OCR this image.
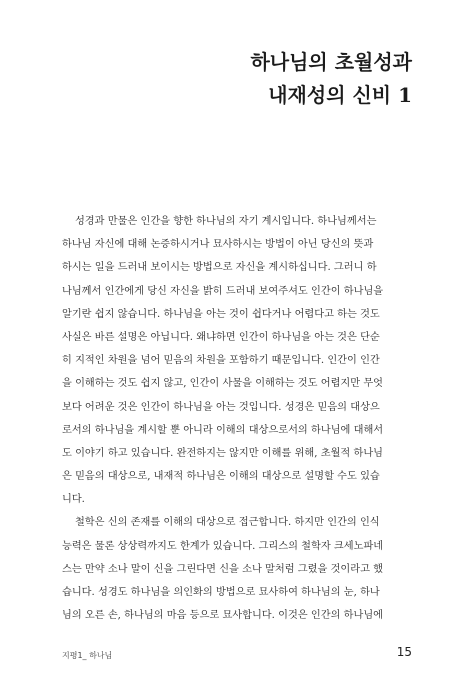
하나님의 초월성과
내재성의 신비 1
성경과 만물은 인간을 향한 하나님의 자기 계시입니다. 하나님께서는
하나님 자신에 대해 논증하시거나 묘사하시는 방법이 아닌 당신의 뜻과
하시는 일을 드러내 보이시는 방법으로 자신을 계시하십니다. 그러니 하
나님께서 인간에게 당신 자신을 밝히 드러내 보여주셔도 인간이 하나님을
알기란 쉽지 않습니다. 하나님을 아는 것이 쉽다거나 어렵다고 하는 것도
사실은 바른 설명은 아닙니다. 왜냐하면 인간이 하나님을 아는 것은 단순
히 지적인 차원을 넘어 믿음의 차원을 포함하기 때문입니다. 인간이 인간
을 이해하는 것도 쉽지 않고, 인간이 사물을 이해하는 것도 어렵지만 무엇
보다 어려운 것은 인간이 하나님을 아는 것입니다. 성경은 믿음의 대상으
로서의 하나님을 계시할 뿐 아니라 이해의 대상으로서의 하나님에 대해서
도 이야기 하고 있습니다. 완전하지는 않지만 이해를 위해, 초월적 하나님
은 믿음의 대상으로, 내재적 하나님은 이해의 대상으로 설명할 수도 있습
니다.
철학은 신의 존재를 이해의 대상으로 접근합니다. 하지만 인간의 인식
능력은 물론 상상력까지도 한계가 있습니다. 그리스의 철학자 크세노파네
스는 만약 소나 말이 신을 그린다면 신을 소나 말처럼 그렸을 것이라고 했
습니다. 성경도 하나님을 의인화의 방법으로 묘사하여 하나님의 눈, 하나
님의 오른 손, 하나님의 마음 등으로 묘사합니다. 이것은 인간의 하나님에
지평1_ 하나님	15
